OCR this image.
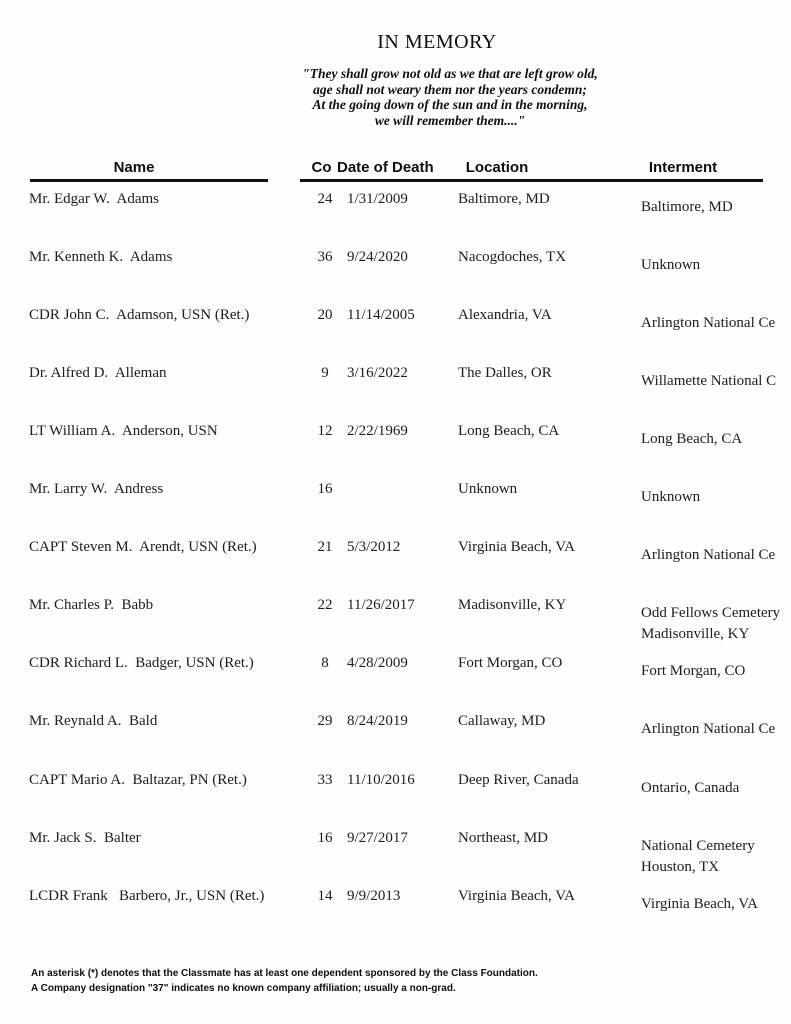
IN MEMORY
"They shall grow not old as we that are left grow old,
age shall not weary them nor the years condemn;
At the going down of the sun and in the morning,
we will remember them...."
Name	Co Date of Death	Location	Interment
Mr. Edgar W.  Adams	24 1/31/2009	Baltimore, MD	Baltimore, MD
Mr. Kenneth K.  Adams	36 9/24/2020	Nacogdoches, TX	Unknown
CDR John C.  Adamson, USN (Ret.)	20 11/14/2005	Alexandria, VA	Arlington National Ce
Dr. Alfred D.  Alleman	9	3/16/2022	The Dalles, OR	Willamette National C
LT William A.  Anderson, USN	12 2/22/1969	Long Beach, CA	Long Beach, CA
Mr. Larry W.  Andress	16	Unknown	Unknown
CAPT Steven M.  Arendt, USN (Ret.)	21 5/3/2012	Virginia Beach, VA	Arlington National Ce
Mr. Charles P.  Babb	22 11/26/2017	Madisonville, KY	Odd Fellows Cemetery
Madisonville, KY
CDR Richard L.  Badger, USN (Ret.)	8	4/28/2009	Fort Morgan, CO	Fort Morgan, CO
Mr. Reynald A.  Bald	29 8/24/2019	Callaway, MD	Arlington National Ce
CAPT Mario A.  Baltazar, PN (Ret.)	33 11/10/2016	Deep River, Canada	Ontario, Canada
Mr. Jack S.  Balter	16 9/27/2017	Northeast, MD	National Cemetery
Houston, TX
LCDR Frank   Barbero, Jr., USN (Ret.)	14 9/9/2013	Virginia Beach, VA	Virginia Beach, VA
An asterisk (*) denotes that the Classmate has at least one dependent sponsored by the Class Foundation.
A Company designation "37" indicates no known company affiliation; usually a non-grad.
